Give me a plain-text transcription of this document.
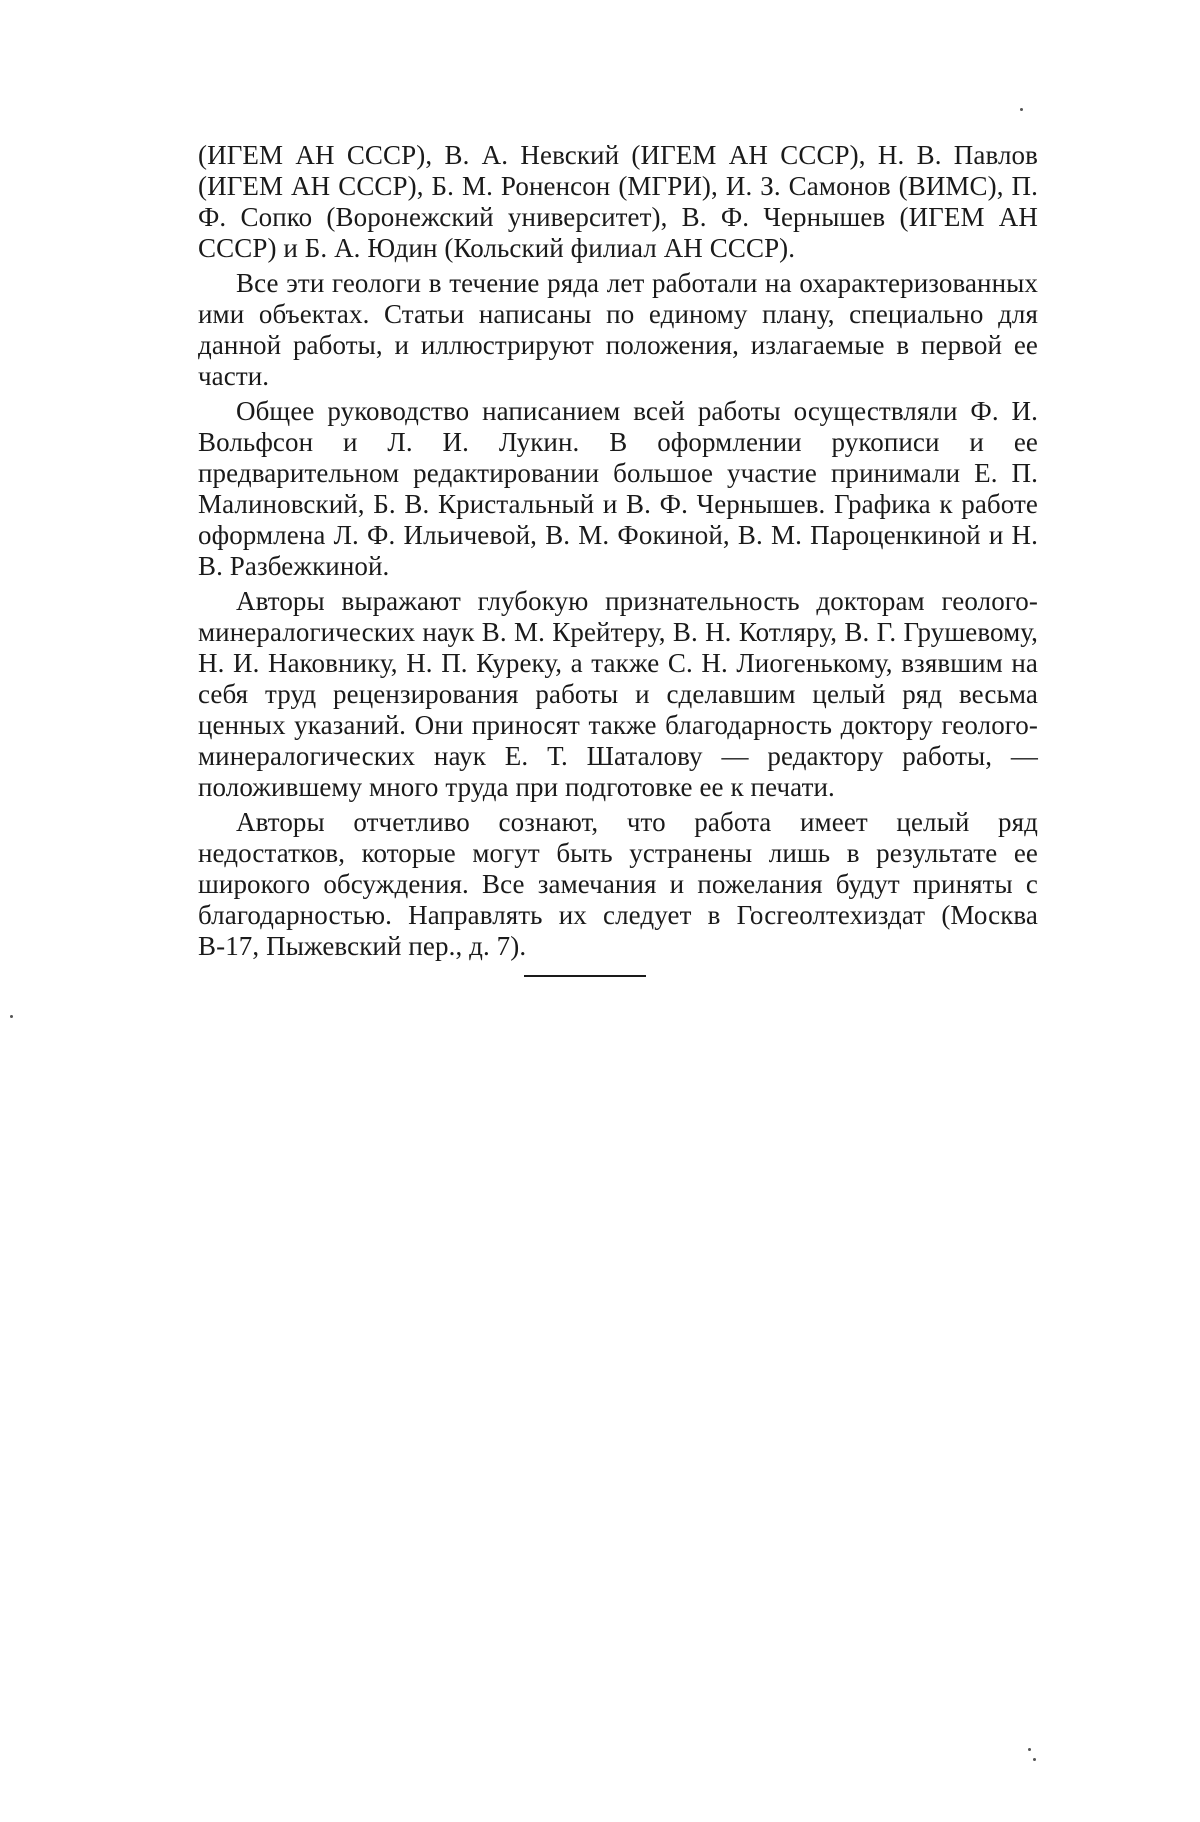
(ИГЕМ АН СССР), В. А. Невский (ИГЕМ АН СССР), Н. В. Павлов (ИГЕМ АН СССР), Б. М. Роненсон (МГРИ), И. З. Самонов (ВИМС), П. Ф. Сопко (Воронежский университет), В. Ф. Чернышев (ИГЕМ АН СССР) и Б. А. Юдин (Кольский филиал АН СССР).

Все эти геологи в течение ряда лет работали на охарактеризованных ими объектах. Статьи написаны по единому плану, специально для данной работы, и иллюстрируют положения, излагаемые в первой ее части.

Общее руководство написанием всей работы осуществляли Ф. И. Вольфсон и Л. И. Лукин. В оформлении рукописи и ее предварительном редактировании большое участие принимали Е. П. Малиновский, Б. В. Кристальный и В. Ф. Чернышев. Графика к работе оформлена Л. Ф. Ильичевой, В. М. Фокиной, В. М. Пароценкиной и Н. В. Разбежкиной.

Авторы выражают глубокую признательность докторам геолого-минералогических наук В. М. Крейтеру, В. Н. Котляру, В. Г. Грушевому, Н. И. Наковнику, Н. П. Куреку, а также С. Н. Лиогенькому, взявшим на себя труд рецензирования работы и сделавшим целый ряд весьма ценных указаний. Они приносят также благодарность доктору геолого-минералогических наук Е. Т. Шаталову — редактору работы, — положившему много труда при подготовке ее к печати.

Авторы отчетливо сознают, что работа имеет целый ряд недостатков, которые могут быть устранены лишь в результате ее широкого обсуждения. Все замечания и пожелания будут приняты с благодарностью. Направлять их следует в Госгеолтехиздат (Москва В-17, Пыжевский пер., д. 7).
